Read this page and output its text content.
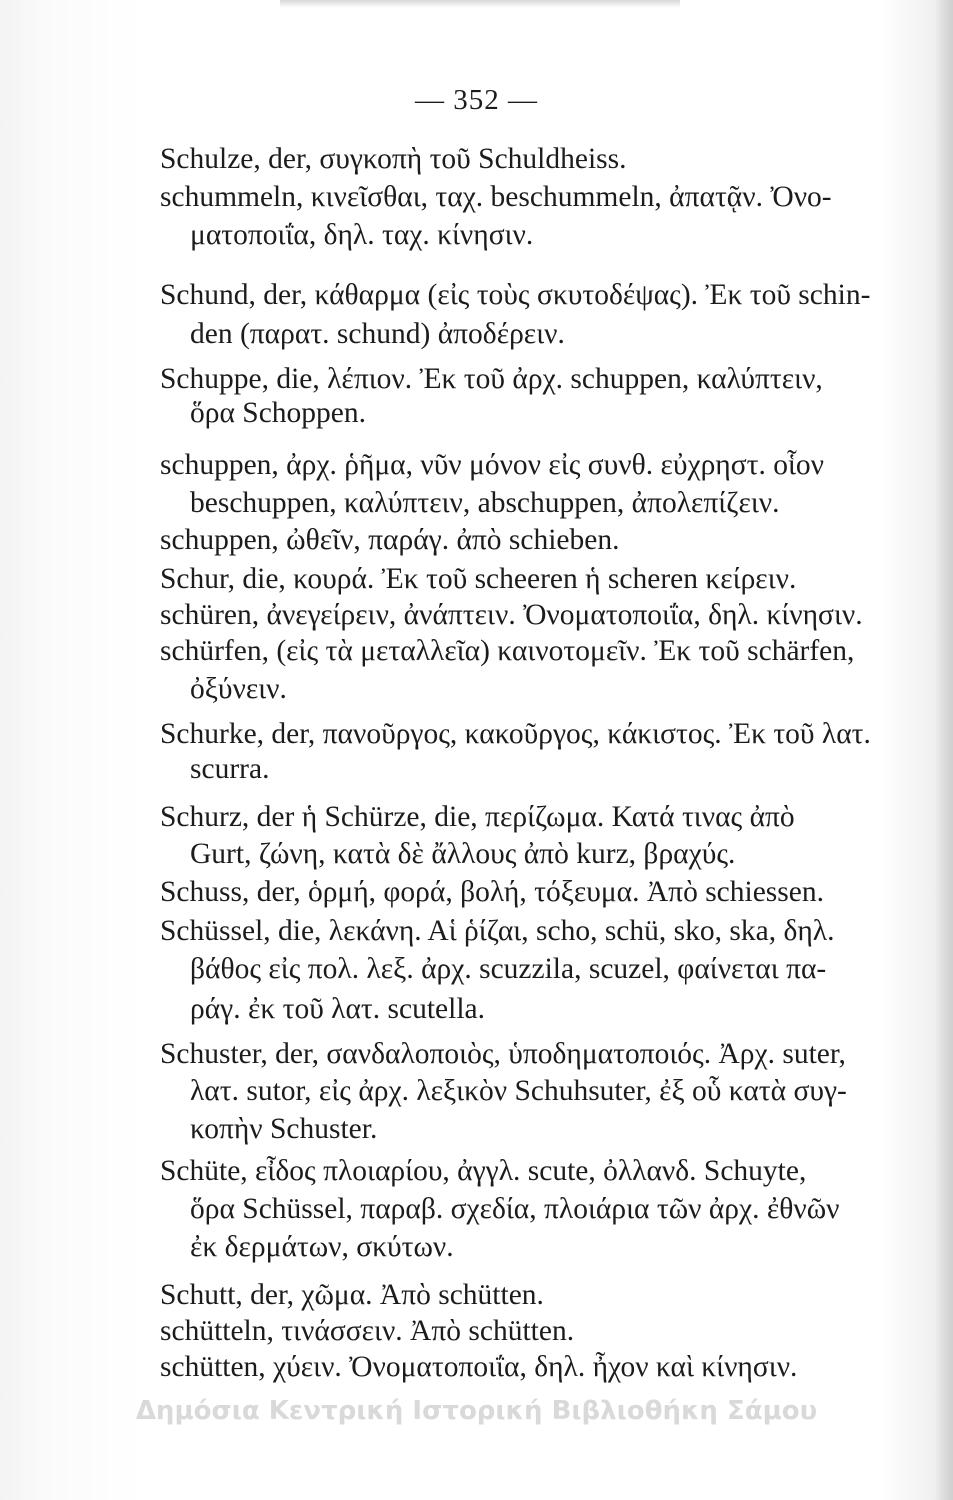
— 352 —
Schulze, der, συγκοπὴ τοῦ Schuldheiss.
schummeln, κινεῖσθαι, ταχ. beschummeln, ἀπατᾷν. Ὀνο-
ματοποιΐα, δηλ. ταχ. κίνησιν.
Schund, der, κάθαρμα (εἰς τοὺς σκυτοδέψας). Ἐκ τοῦ schin-
den (παρατ. schund) ἀποδέρειν.
Schuppe, die, λέπιον. Ἐκ τοῦ ἀρχ. schuppen, καλύπτειν,
ὅρα Schoppen.
schuppen, ἀρχ. ῥῆμα, νῦν μόνον εἰς συνθ. εὐχρηστ. οἷον
beschuppen, καλύπτειν, abschuppen, ἀπολεπίζειν.
schuppen, ὠθεῖν, παράγ. ἀπὸ schieben.
Schur, die, κουρά. Ἐκ τοῦ scheeren ἡ scheren κείρειν.
schüren, ἀνεγείρειν, ἀνάπτειν. Ὀνοματοποιΐα, δηλ. κίνησιν.
schürfen, (εἰς τὰ μεταλλεῖα) καινοτομεῖν. Ἐκ τοῦ schärfen,
ὀξύνειν.
Schurke, der, πανοῦργος, κακοῦργος, κάκιστος. Ἐκ τοῦ λατ.
scurra.
Schurz, der ἡ Schürze, die, περίζωμα. Κατά τινας ἀπὸ
Gurt, ζώνη, κατὰ δὲ ἄλλους ἀπὸ kurz, βραχύς.
Schuss, der, ὁρμή, φορά, βολή, τόξευμα. Ἀπὸ schiessen.
Schüssel, die, λεκάνη. Αἱ ῥίζαι, scho, schü, sko, ska, δηλ.
βάθος εἰς πολ. λεξ. ἀρχ. scuzzila, scuzel, φαίνεται πα-
ράγ. ἐκ τοῦ λατ. scutella.
Schuster, der, σανδαλοποιὸς, ὑποδηματοποιός. Ἀρχ. suter,
λατ. sutor, εἰς ἀρχ. λεξικὸν Schuhsuter, ἐξ οὗ κατὰ συγ-
κοπὴν Schuster.
Schüte, εἶδος πλοιαρίου, ἀγγλ. scute, ὀλλανδ. Schuyte,
ὅρα Schüssel, παραβ. σχεδία, πλοιάρια τῶν ἀρχ. ἐθνῶν
ἐκ δερμάτων, σκύτων.
Schutt, der, χῶμα. Ἀπὸ schütten.
schütteln, τινάσσειν. Ἀπὸ schütten.
schütten, χύειν. Ὀνοματοποιΐα, δηλ. ἦχον καὶ κίνησιν.
Δημόσια Κεντρική Ιστορική Βιβλιοθήκη Σάμου
